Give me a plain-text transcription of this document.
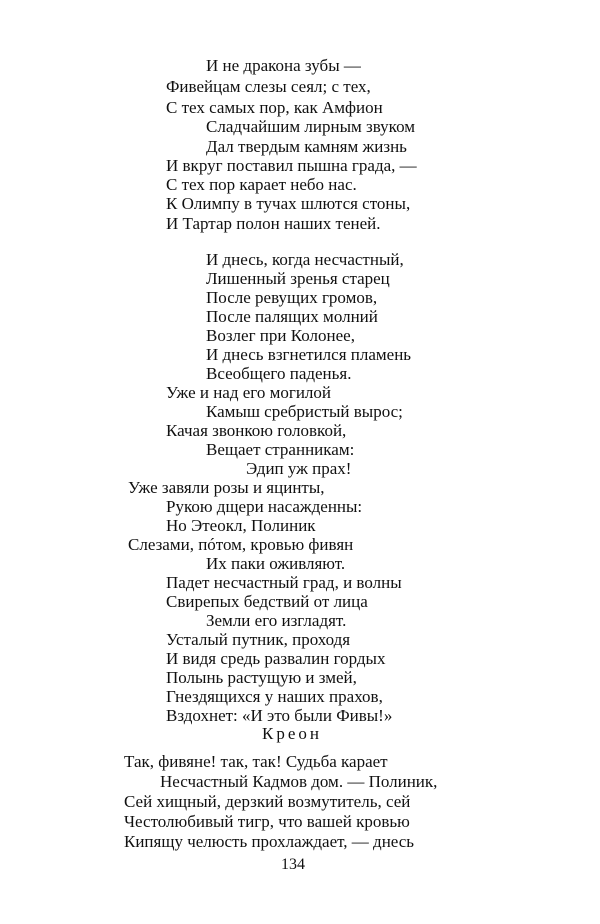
И не дракона зубы —
Фивейцам слезы сеял; с тех,
С тех самых пор, как Амфион
Сладчайшим лирным звуком
Дал твердым камням жизнь
И вкруг поставил пышна града, —
С тех пор карает небо нас.
К Олимпу в тучах шлются стоны,
И Тартар полон наших теней.
И днесь, когда несчастный,
Лишенный зренья старец
После ревущих громов,
После палящих молний
Возлег при Колонее,
И днесь взгнетился пламень
Всеобщего паденья.
Уже и над его могилой
Камыш сребристый вырос;
Качая звонкою головкой,
Вещает странникам:
Эдип уж прах!
Уже завяли розы и яцинты,
Рукою дщери насажденны:
Но Этеокл, Полиник
Слезами, пóтом, кровью фивян
Их паки оживляют.
Падет несчастный град, и волны
Свирепых бедствий от лица
Земли его изгладят.
Усталый путник, проходя
И видя средь развалин гордых
Полынь растущую и змей,
Гнездящихся у наших прахов,
Вздохнет: «И это были Фивы!»
Креон
Так, фивяне! так, так! Судьба карает
Несчастный Кадмов дом. — Полиник,
Сей хищный, дерзкий возмутитель, сей
Честолюбивый тигр, что вашей кровью
Кипящу челюсть прохлаждает, — днесь
134
